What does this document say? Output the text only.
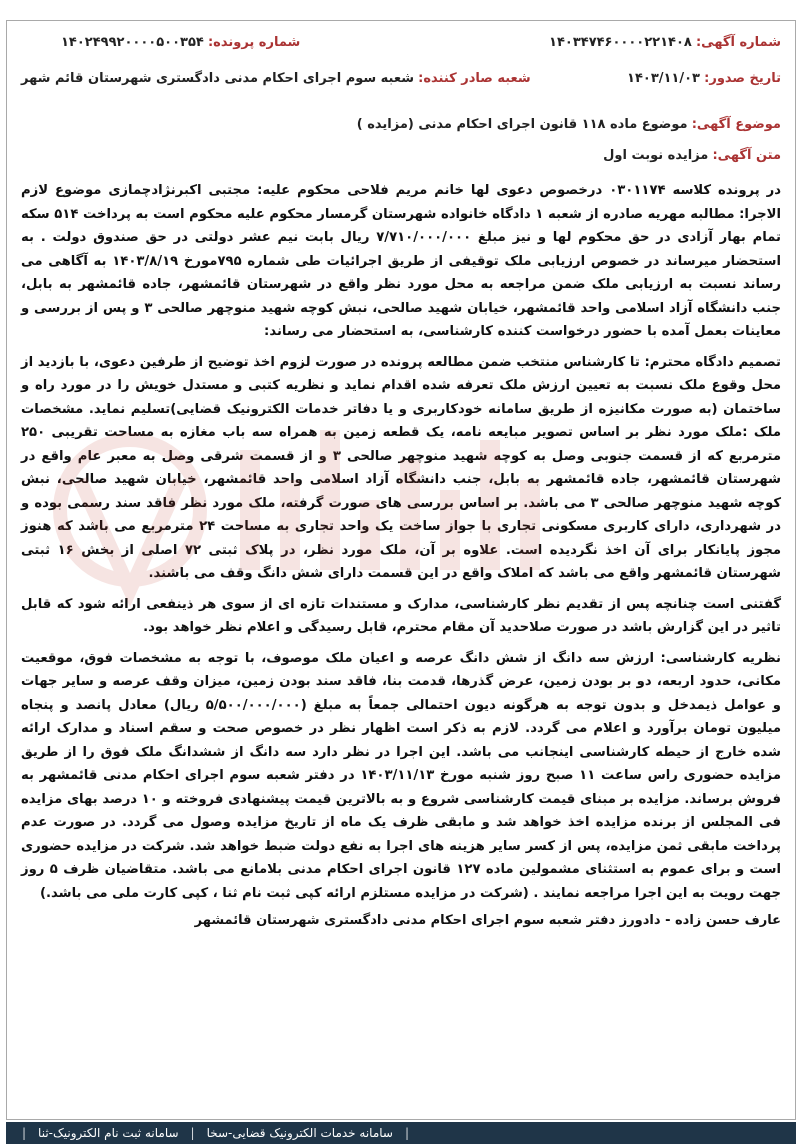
شماره آگهی: ۱۴۰۳۴۷۴۶۰۰۰۰۲۲۱۴۰۸
شماره پرونده: ۱۴۰۲۴۹۹۲۰۰۰۰۵۰۰۳۵۴
تاریخ صدور: ۱۴۰۳/۱۱/۰۳
شعبه صادر کننده: شعبه سوم اجرای احکام مدنی دادگستری شهرستان قائم شهر
موضوع آگهی: موضوع ماده ۱۱۸ قانون اجرای احکام مدنی (مزایده )
متن آگهی: مزایده نوبت اول

در پرونده کلاسه ۰۳۰۱۱۷۴ درخصوص دعوی لها خانم مریم فلاحی محکوم علیه: مجتبی اکبرنژادچمازی موضوع لازم الاجرا: مطالبه مهریه صادره از شعبه ۱ دادگاه خانواده شهرستان گرمسار محکوم علیه محکوم است به پرداخت ۵۱۴ سکه تمام بهار آزادی در حق محکوم لها و نیز مبلغ ۷/۷۱۰/۰۰۰/۰۰۰ ریال بابت نیم عشر دولتی در حق صندوق دولت . به استحضار میرساند در خصوص ارزیابی ملک توقیفی از طریق اجرائیات طی شماره ۷۹۵مورخ ۱۴۰۳/۸/۱۹ به آگاهی می رساند نسبت به ارزیابی ملک ضمن مراجعه به محل مورد نظر واقع در شهرستان قائمشهر، جاده قائمشهر به بابل، جنب دانشگاه آزاد اسلامی واحد قائمشهر، خیابان شهید صالحی، نبش کوچه شهید منوچهر صالحی ۳ و پس از بررسی و معاینات بعمل آمده با حضور درخواست کننده کارشناسی، به استحضار می رساند:

تصمیم دادگاه محترم: تا کارشناس منتخب ضمن مطالعه پرونده در صورت لزوم اخذ توضیح از طرفین دعوی، با بازدید از محل وقوع ملک نسبت به تعیین ارزش ملک تعرفه شده اقدام نماید و نظریه کتبی و مستدل خویش را در مورد راه و ساختمان (به صورت مکانیزه از طریق سامانه خودکاربری و یا دفاتر خدمات الکترونیک قضایی)تسلیم نماید. مشخصات ملک :ملک مورد نظر بر اساس تصویر مبایعه نامه، یک قطعه زمین به همراه سه باب مغازه به مساحت تقریبی ۲۵۰ مترمربع که از قسمت جنوبی وصل به کوچه شهید منوچهر صالحی ۳ و از قسمت شرقی وصل به معبر عام واقع در شهرستان قائمشهر، جاده قائمشهر به بابل، جنب دانشگاه آزاد اسلامی واحد قائمشهر، خیابان شهید صالحی، نبش کوچه شهید منوچهر صالحی ۳ می باشد. بر اساس بررسی های صورت گرفته، ملک مورد نظر فاقد سند رسمی بوده و در شهرداری، دارای کاربری مسکونی تجاری با جواز ساخت یک واحد تجاری به مساحت ۲۴ مترمربع می باشد که هنوز مجوز پایانکار برای آن اخذ نگردیده است. علاوه بر آن، ملک مورد نظر، در پلاک ثبتی ۷۲ اصلی از بخش ۱۶ ثبتی شهرستان قائمشهر واقع می باشد که املاک واقع در این قسمت دارای شش دانگ وقف می باشند.

گفتنی است چنانچه پس از تقدیم نظر کارشناسی، مدارک و مستندات تازه ای از سوی هر ذینفعی ارائه شود که قابل تاثیر در این گزارش باشد در صورت صلاحدید آن مقام محترم، قابل رسیدگی و اعلام نظر خواهد بود.

نظریه کارشناسی: ارزش سه دانگ از شش دانگ عرصه و اعیان ملک موصوف، با توجه به مشخصات فوق، موقعیت مکانی، حدود اربعه، دو بر بودن زمین، عرض گذرها، قدمت بنا، فاقد سند بودن زمین، میزان وقف عرصه و سایر جهات و عوامل ذیمدخل و بدون توجه به هرگونه دیون احتمالی جمعاً به مبلغ (۵/۵۰۰/۰۰۰/۰۰۰ ریال) معادل پانصد و پنجاه میلیون تومان برآورد و اعلام می گردد. لازم به ذکر است اظهار نظر در خصوص صحت و سقم اسناد و مدارک ارائه شده خارج از حیطه کارشناسی اینجانب می باشد. این اجرا در نظر دارد سه دانگ از ششدانگ ملک فوق را از طریق مزایده حضوری راس ساعت ۱۱ صبح روز شنبه مورخ ۱۴۰۳/۱۱/۱۳ در دفتر شعبه سوم اجرای احکام مدنی قائمشهر به فروش برساند. مزایده بر مبنای قیمت کارشناسی شروع و به بالاترین قیمت پیشنهادی فروخته و ۱۰ درصد بهای مزایده فی المجلس از برنده مزایده اخذ خواهد شد و مابقی ظرف یک ماه از تاریخ مزایده وصول می گردد. در صورت عدم پرداخت مابقی ثمن مزایده، پس از کسر سایر هزینه های اجرا به نفع دولت ضبط خواهد شد. شرکت در مزایده حضوری است و برای عموم به استثنای مشمولین ماده ۱۲۷ قانون اجرای احکام مدنی بلامانع می باشد. متقاضیان ظرف ۵ روز جهت رویت به این اجرا مراجعه نمایند . (شرکت در مزایده مستلزم ارائه کپی ثبت نام ثنا ، کپی کارت ملی می باشد.)

عارف حسن زاده - دادورز دفتر شعبه سوم اجرای احکام مدنی دادگستری شهرستان قائمشهر
|
سامانه خدمات الکترونیک قضایی-سخا
|
سامانه ثبت نام الکترونیک-ثنا
|
